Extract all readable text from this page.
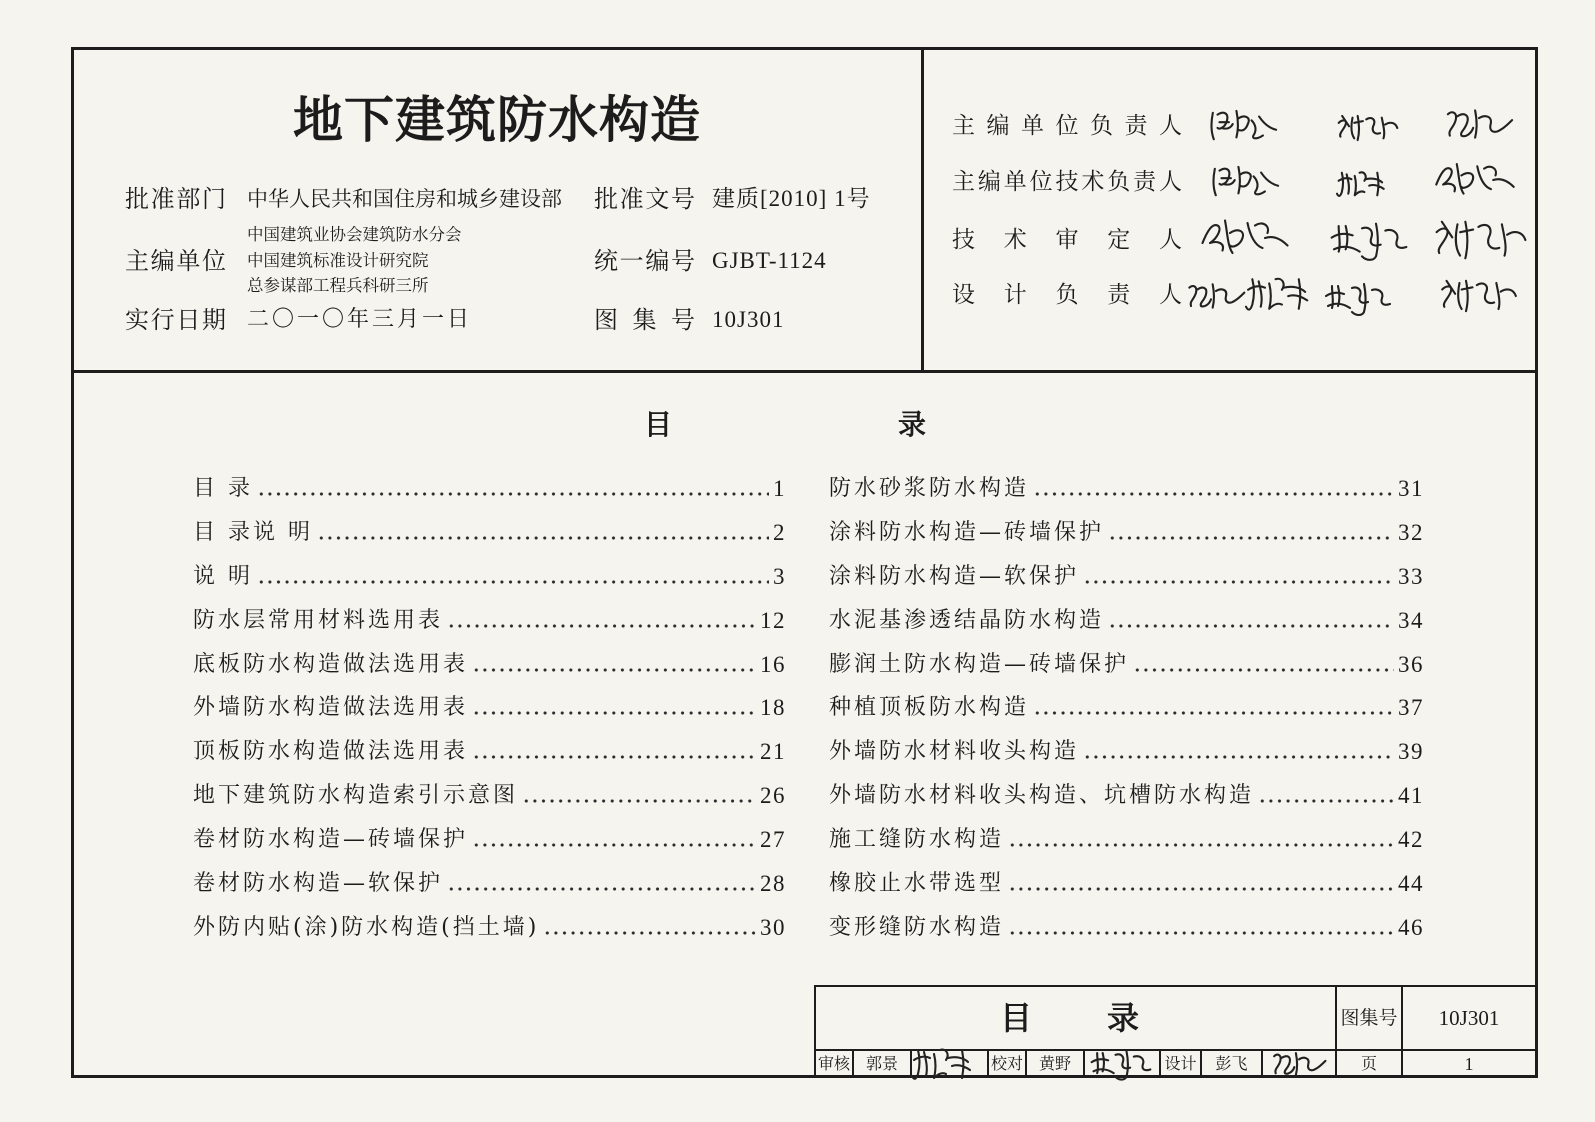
地下建筑防水构造
批 准 部 门 中华人民共和国住房和城乡建设部 批 准 文 号 建质[2010] 1号
主 编 单 位
中国建筑业协会建筑防水分会
中国建筑标准设计研究院
总参谋部工程兵科研三所
统 一 编 号 GJBT-1124
实 行 日 期 二〇一〇年三月一日	图 集 号 10J301
主 编 单 位 负 责 人
主 编 单 位 技 术 负 责 人
技 术 审 定 人
设 计 负 责 人
目	录
目 录	1
目 录说 明	2
说 明	3
防水层常用材料选用表	12
底板防水构造做法选用表	16
外墙防水构造做法选用表	18
顶板防水构造做法选用表	21
地下建筑防水构造索引示意图	26
卷材防水构造—砖墙保护	27
卷材防水构造—软保护	28
外防内贴(涂)防水构造(挡土墙)	30
防水砂浆防水构造	31
涂料防水构造—砖墙保护	32
涂料防水构造—软保护	33
水泥基渗透结晶防水构造	34
膨润土防水构造—砖墙保护	36
种植顶板防水构造	37
外墙防水材料收头构造	39
外墙防水材料收头构造、坑槽防水构造	41
施工缝防水构造	42
橡胶止水带选型	44
变形缝防水构造	46
目 录	图集号	10J301
审核 郭景	校对 黄野	设计	彭飞	页	1
